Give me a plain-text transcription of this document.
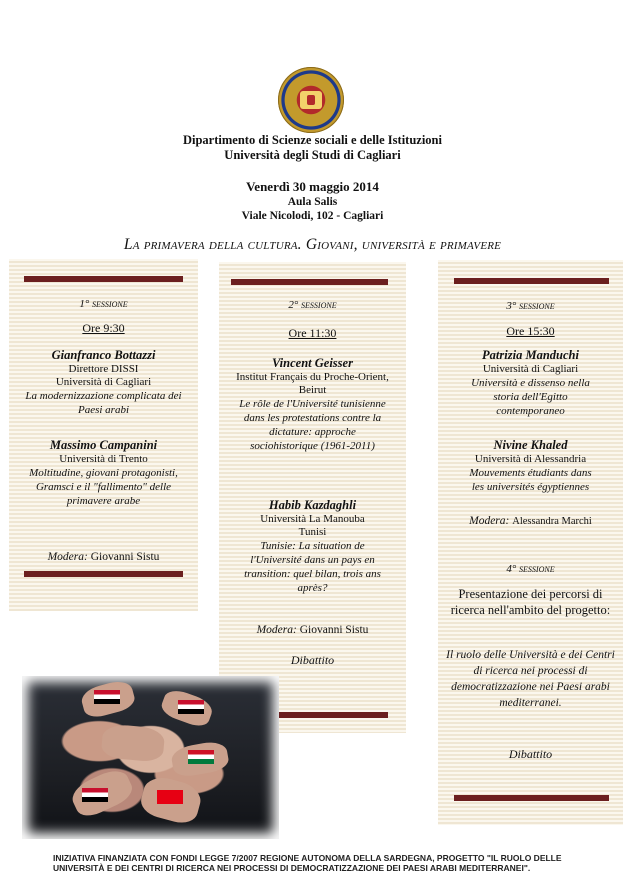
Dipartimento di Scienze sociali e delle Istituzioni
Università degli Studi di Cagliari
Venerdì 30 maggio 2014
Aula Salis
Viale Nicolodi, 102 - Cagliari
La primavera della cultura. Giovani, università e primavere
1° sessione
Ore 9:30
Gianfranco Bottazzi
Direttore DISSI
Università di Cagliari
La modernizzazione complicata dei Paesi arabi
Massimo Campanini
Università di Trento
Moltitudine, giovani protagonisti, Gramsci e il "fallimento" delle primavere arabe
Modera: Giovanni Sistu
2° sessione
Ore 11:30
Vincent Geisser
Institut Français du Proche-Orient, Beirut
Le rôle de l'Université tunisienne dans les protestations contre la dictature: approche sociohistorique (1961-2011)
Habib Kazdaghli
Università La Manouba
Tunisi
Tunisie: La situation de l'Université dans un pays en transition: quel bilan, trois ans après?
Modera: Giovanni Sistu
Dibattito
3° sessione
Ore 15:30
Patrizia Manduchi
Università di Cagliari
Università e dissenso nella storia dell'Egitto contemporaneo
Nivine Khaled
Università di Alessandria
Mouvements étudiants dans les universités égyptiennes
Modera: Alessandra Marchi
4° sessione
Presentazione dei percorsi di ricerca nell'ambito del progetto:
Il ruolo delle Università e dei Centri di ricerca nei processi di democratizzazione nei Paesi arabi mediterranei.
Dibattito
INIZIATIVA FINANZIATA CON FONDI LEGGE 7/2007 REGIONE AUTONOMA DELLA SARDEGNA, PROGETTO "IL RUOLO DELLE UNIVERSITÀ E DEI CENTRI DI RICERCA NEI PROCESSI DI DEMOCRATIZZAZIONE DEI PAESI ARABI MEDITERRANEI".
